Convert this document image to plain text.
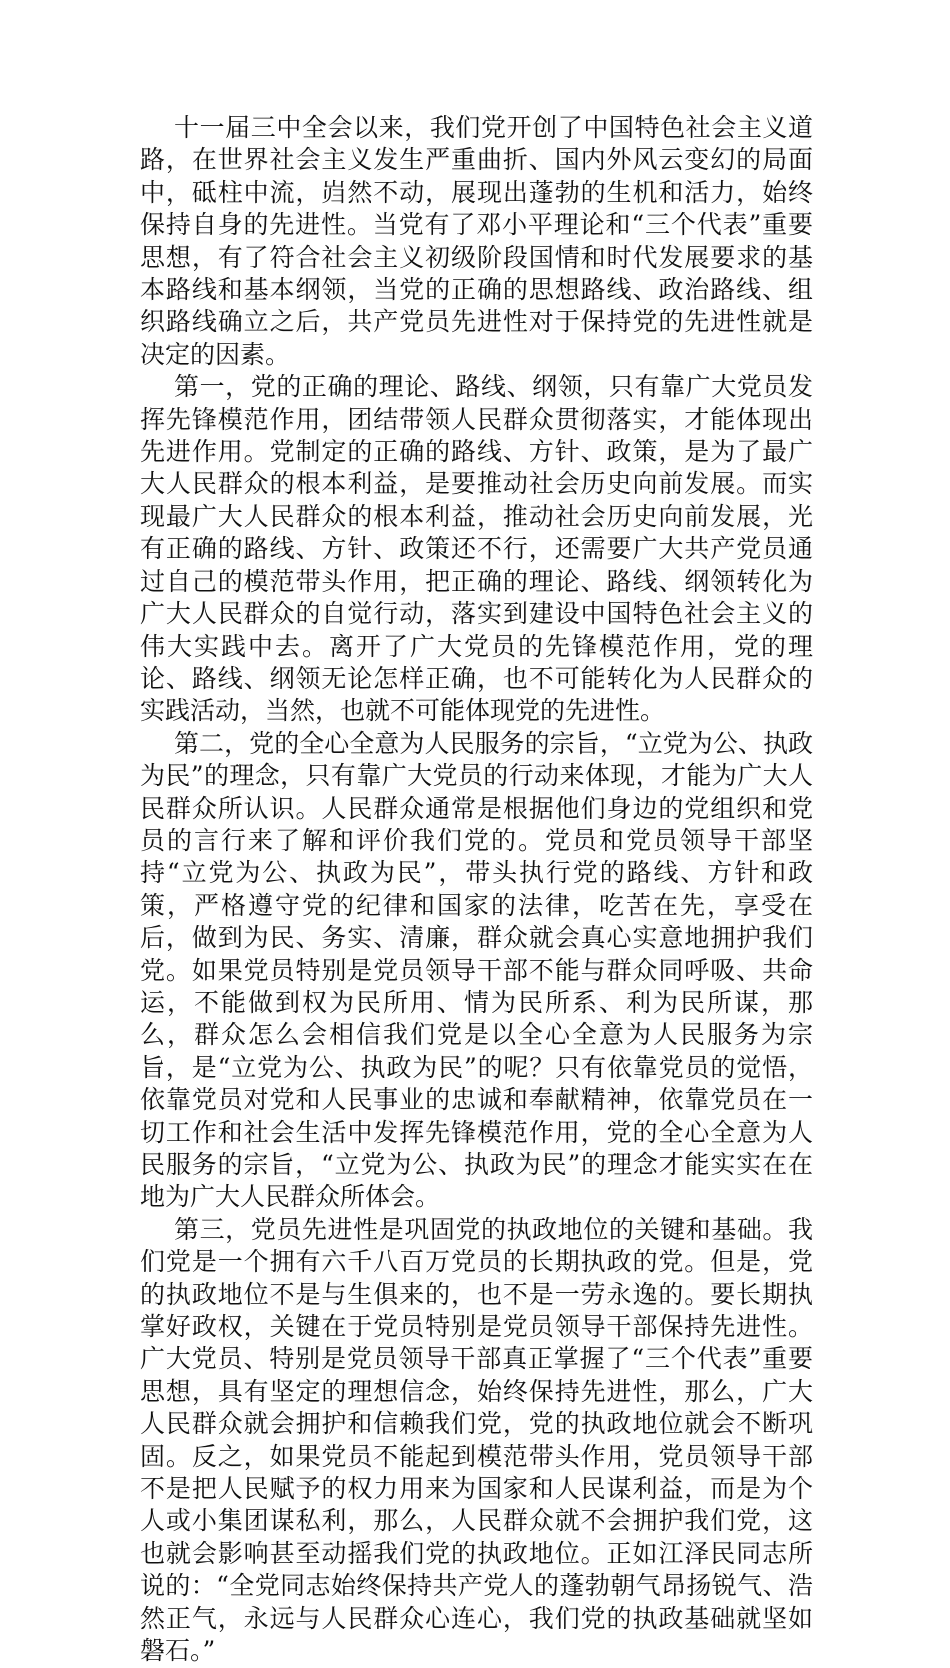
十一届三中全会以来，我们党开创了中国特色社会主义道路，在世界社会主义发生严重曲折、国内外风云变幻的局面中，砥柱中流，岿然不动，展现出蓬勃的生机和活力，始终保持自身的先进性。当党有了邓小平理论和“三个代表”重要思想，有了符合社会主义初级阶段国情和时代发展要求的基本路线和基本纲领，当党的正确的思想路线、政治路线、组织路线确立之后，共产党员先进性对于保持党的先进性就是决定的因素。

第一，党的正确的理论、路线、纲领，只有靠广大党员发挥先锋模范作用，团结带领人民群众贯彻落实，才能体现出先进作用。党制定的正确的路线、方针、政策，是为了最广大人民群众的根本利益，是要推动社会历史向前发展。而实现最广大人民群众的根本利益，推动社会历史向前发展，光有正确的路线、方针、政策还不行，还需要广大共产党员通过自己的模范带头作用，把正确的理论、路线、纲领转化为广大人民群众的自觉行动，落实到建设中国特色社会主义的伟大实践中去。离开了广大党员的先锋模范作用，党的理论、路线、纲领无论怎样正确，也不可能转化为人民群众的实践活动，当然，也就不可能体现党的先进性。

第二，党的全心全意为人民服务的宗旨，“立党为公、执政为民”的理念，只有靠广大党员的行动来体现，才能为广大人民群众所认识。人民群众通常是根据他们身边的党组织和党员的言行来了解和评价我们党的。党员和党员领导干部坚持“立党为公、执政为民”，带头执行党的路线、方针和政策，严格遵守党的纪律和国家的法律，吃苦在先，享受在后，做到为民、务实、清廉，群众就会真心实意地拥护我们党。如果党员特别是党员领导干部不能与群众同呼吸、共命运，不能做到权为民所用、情为民所系、利为民所谋，那么，群众怎么会相信我们党是以全心全意为人民服务为宗旨，是“立党为公、执政为民”的呢？只有依靠党员的觉悟，依靠党员对党和人民事业的忠诚和奉献精神，依靠党员在一切工作和社会生活中发挥先锋模范作用，党的全心全意为人民服务的宗旨，“立党为公、执政为民”的理念才能实实在在地为广大人民群众所体会。

第三，党员先进性是巩固党的执政地位的关键和基础。我们党是一个拥有六千八百万党员的长期执政的党。但是，党的执政地位不是与生俱来的，也不是一劳永逸的。要长期执掌好政权，关键在于党员特别是党员领导干部保持先进性。广大党员、特别是党员领导干部真正掌握了“三个代表”重要思想，具有坚定的理想信念，始终保持先进性，那么，广大人民群众就会拥护和信赖我们党，党的执政地位就会不断巩固。反之，如果党员不能起到模范带头作用，党员领导干部不是把人民赋予的权力用来为国家和人民谋利益，而是为个人或小集团谋私利，那么，人民群众就不会拥护我们党，这也就会影响甚至动摇我们党的执政地位。正如江泽民同志所说的：“全党同志始终保持共产党人的蓬勃朝气昂扬锐气、浩然正气，永远与人民群众心连心，我们党的执政基础就坚如磐石。”
